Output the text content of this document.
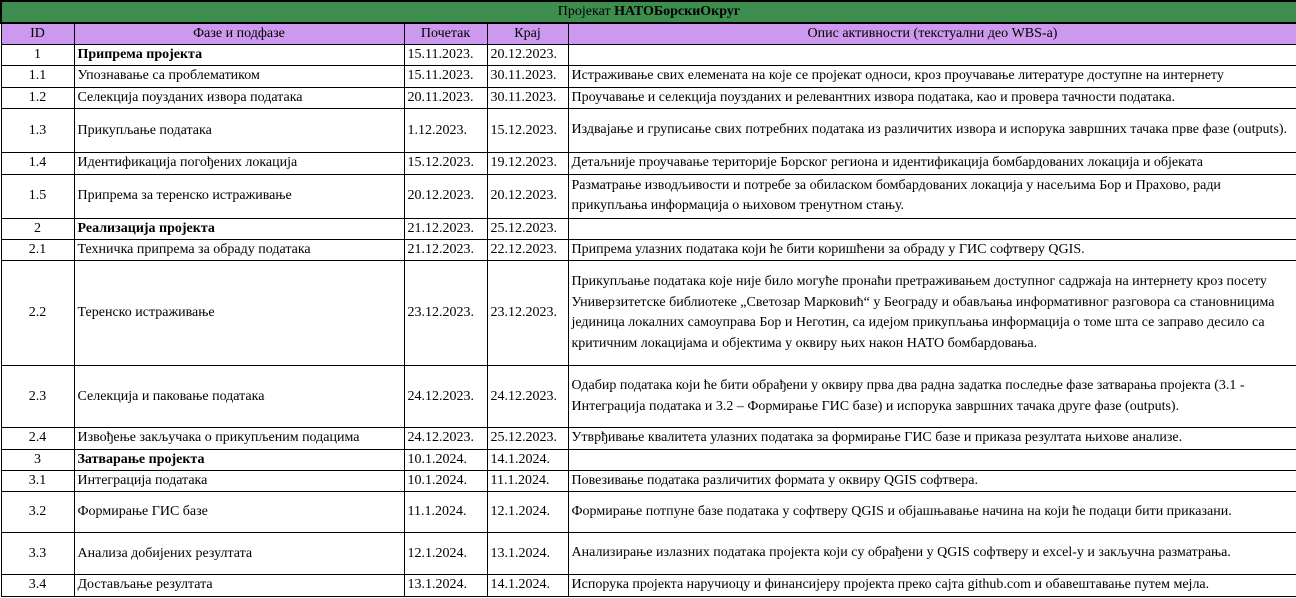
Пројекат НАТОБорскиОкруг				
ID	Фазе и подфазе	Почетак	Крај	Опис активности (текстуални део WBS-а)
1	Припрема пројекта	15.11.2023.	20.12.2023.	
1.1	Упознавање са проблематиком	15.11.2023.	30.11.2023.	Истраживање свих елемената на које се пројекат односи, кроз проучавање литературе доступне на интернету
1.2	Селекција поузданих извора података	20.11.2023.	30.11.2023.	Проучавање и селекција поузданих и релевантних извора података, као и провера тачности података.
1.3	Прикупљање података	1.12.2023.	15.12.2023.	Издвајање и груписање свих потребних података из различитих извора и испорука завршних тачака прве фазе (outputs).
1.4	Идентификација погођених локација	15.12.2023.	19.12.2023.	Детаљније проучавање територије Борског региона и идентификација бомбардованих локација и објеката
1.5	Припрема за теренско истраживање	20.12.2023.	20.12.2023.	Разматрање изводљивости и потребе за обиласком бомбардованих локација у насељима Бор и Прахово, ради прикупљања информација о њиховом тренутном стању.
2	Реализација пројекта	21.12.2023.	25.12.2023.	
2.1	Техничка припрема за обраду података	21.12.2023.	22.12.2023.	Припрема улазних података који ће бити коришћени за обраду у ГИС софтверу QGIS.
2.2	Теренско истраживање	23.12.2023.	23.12.2023.	Прикупљање података које није било могуће пронаћи претраживањем доступног садржаја на интернету кроз посету Универзитетске библиотеке „Светозар Марковић“ у Београду и обављања информативног разговора са становницима јединица локалних самоуправа Бор и Неготин, са идејом прикупљања информација о томе шта се заправо десило са критичним локацијама и објектима у оквиру њих након НАТО бомбардовања.
2.3	Селекција и паковање података	24.12.2023.	24.12.2023.	Одабир података који ће бити обрађени у оквиру прва два радна задатка последње фазе затварања пројекта (3.1 - Интеграција података и 3.2 – Формирање ГИС базе) и испорука завршних тачака друге фазе (outputs).
2.4	Извођење закључака о прикупљеним подацима	24.12.2023.	25.12.2023.	Утврђивање квалитета улазних података за формирање ГИС базе и приказа резултата њихове анализе.
3	Затварање пројекта	10.1.2024.	14.1.2024.	
3.1	Интеграција података	10.1.2024.	11.1.2024.	Повезивање података различитих формата у оквиру QGIS софтвера.
3.2	Формирање ГИС базе	11.1.2024.	12.1.2024.	Формирање потпуне базе података у софтверу QGIS и објашњавање начина на који ће подаци бити приказани.
3.3	Анализа добијених резултата	12.1.2024.	13.1.2024.	Анализирање излазних података пројекта који су обрађени у QGIS софтверу и excel-у и закључна разматрања.
3.4	Достављање резултата	13.1.2024.	14.1.2024.	Испорука пројекта наручиоцу и финансијеру пројекта преко сајта github.com и обавештавање путем мејла.
